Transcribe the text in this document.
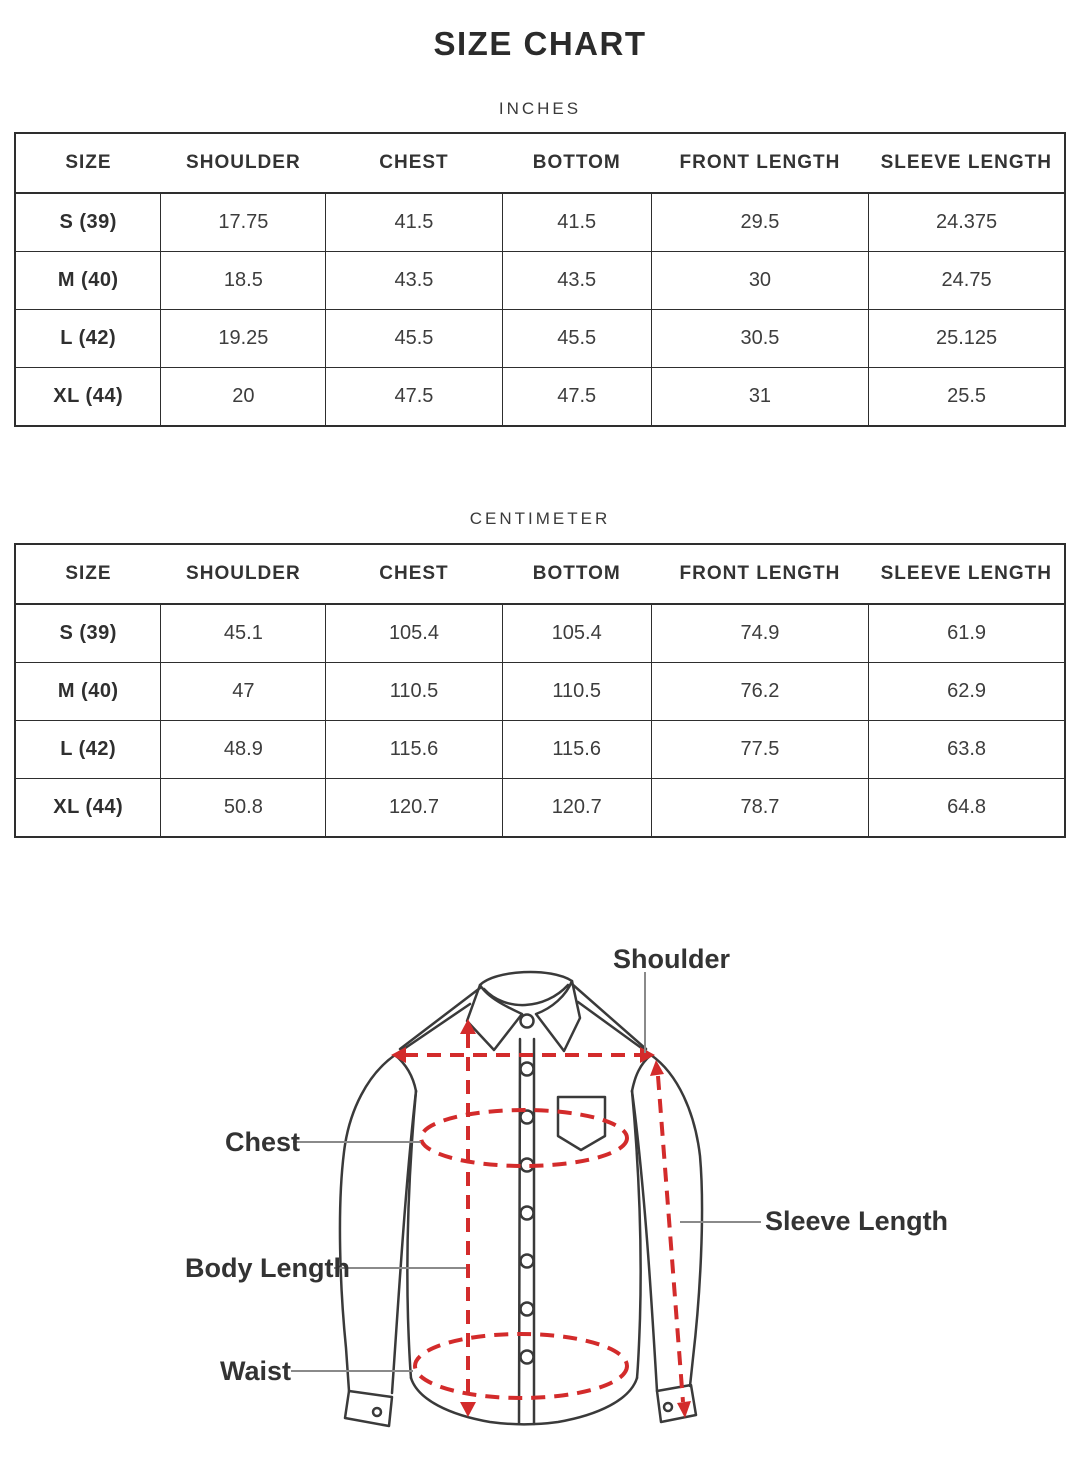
SIZE CHART
INCHES
SIZE	SHOULDER	CHEST	BOTTOM	FRONT LENGTH	SLEEVE LENGTH
S (39)	17.75	41.5	41.5	29.5	24.375
M (40)	18.5	43.5	43.5	30	24.75
L (42)	19.25	45.5	45.5	30.5	25.125
XL (44)	20	47.5	47.5	31	25.5
CENTIMETER
SIZE	SHOULDER	CHEST	BOTTOM	FRONT LENGTH	SLEEVE LENGTH
S (39)	45.1	105.4	105.4	74.9	61.9
M (40)	47	110.5	110.5	76.2	62.9
L (42)	48.9	115.6	115.6	77.5	63.8
XL (44)	50.8	120.7	120.7	78.7	64.8
Shoulder
Chest
Sleeve Length
Body Length
Waist
